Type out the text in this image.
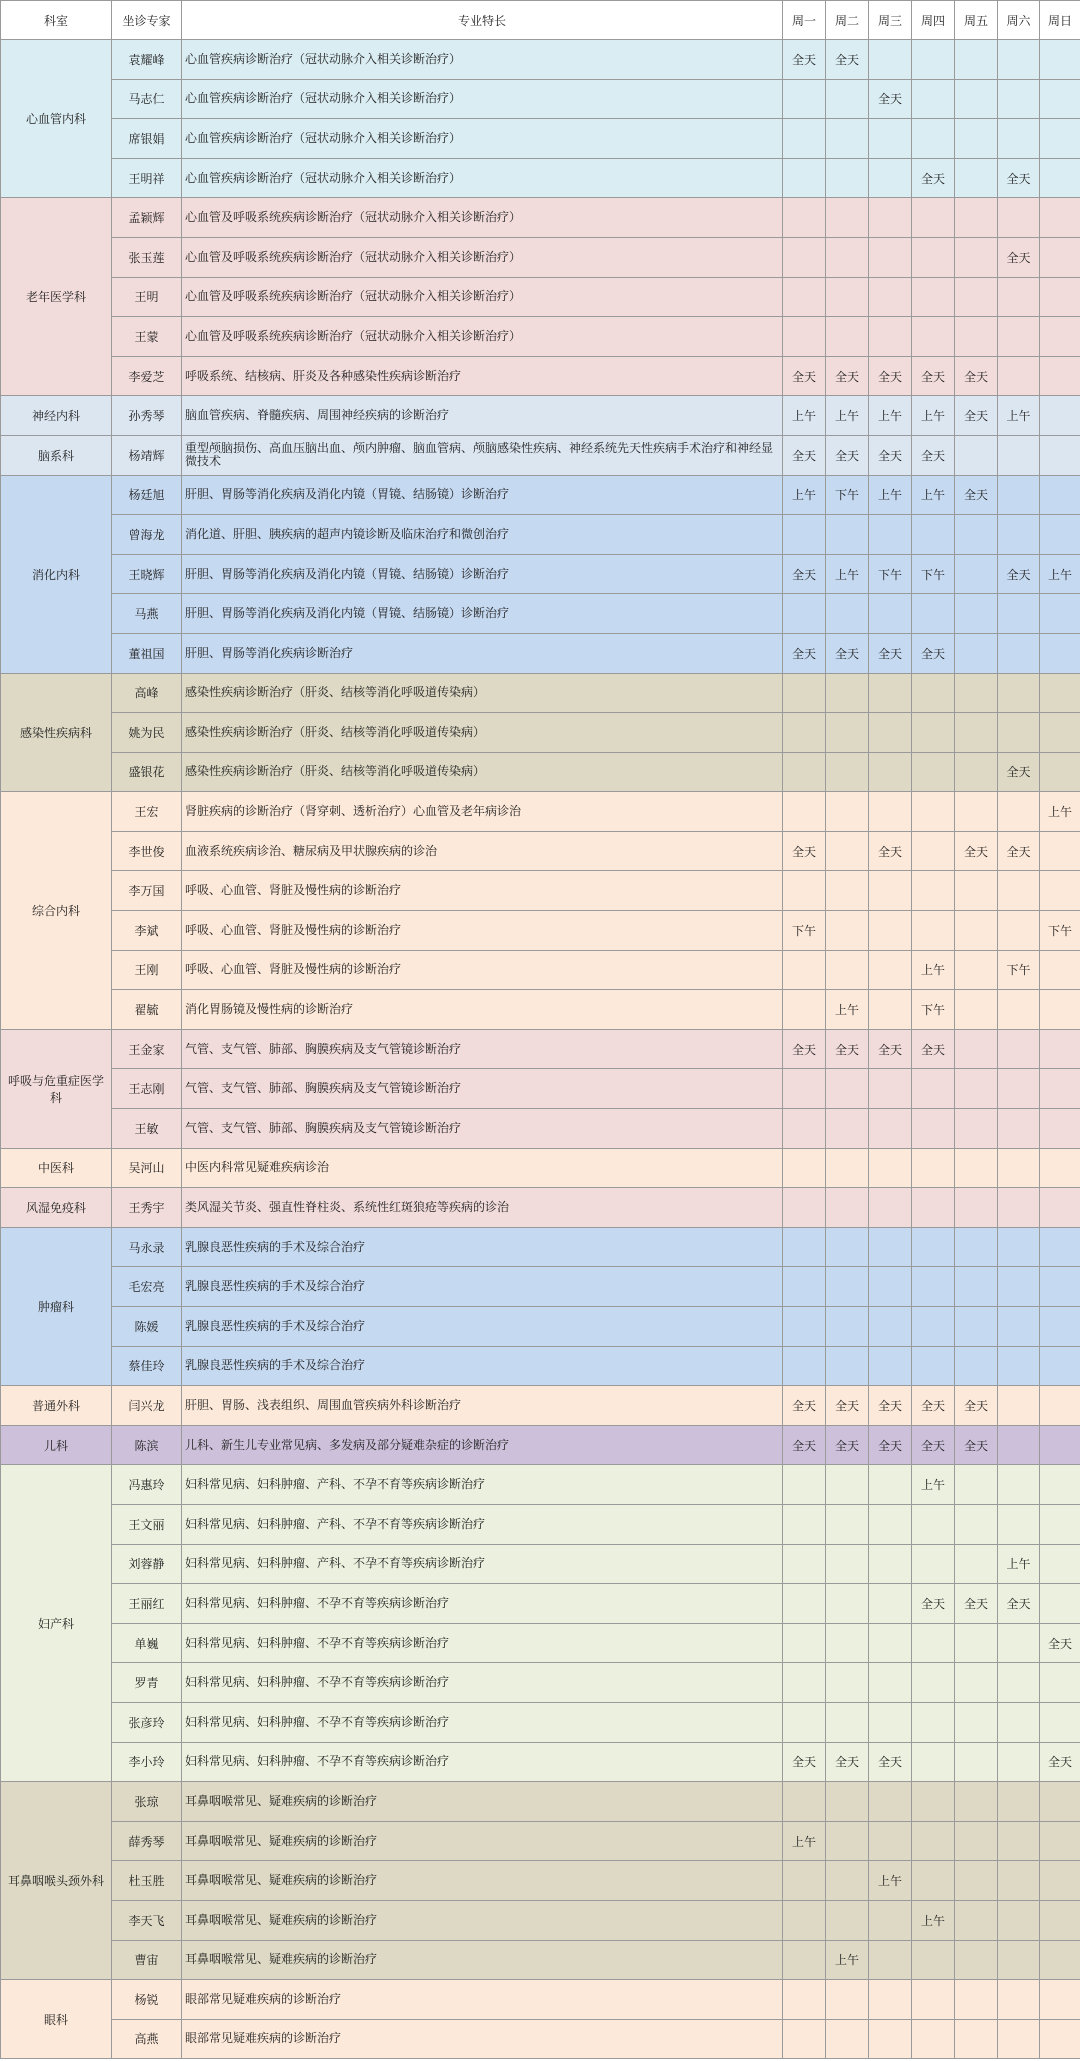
科室	坐诊专家	专业特长	周一	周二	周三	周四	周五	周六	周日
心血管内科	袁耀峰	心血管疾病诊断治疗（冠状动脉介入相关诊断治疗）	全天	全天					
	马志仁	心血管疾病诊断治疗（冠状动脉介入相关诊断治疗）			全天				
	席银娟	心血管疾病诊断治疗（冠状动脉介入相关诊断治疗）							
	王明祥	心血管疾病诊断治疗（冠状动脉介入相关诊断治疗）				全天		全天	
老年医学科	孟颖辉	心血管及呼吸系统疾病诊断治疗（冠状动脉介入相关诊断治疗）							
	张玉莲	心血管及呼吸系统疾病诊断治疗（冠状动脉介入相关诊断治疗）						全天	
	王明	心血管及呼吸系统疾病诊断治疗（冠状动脉介入相关诊断治疗）							
	王蒙	心血管及呼吸系统疾病诊断治疗（冠状动脉介入相关诊断治疗）							
	李爱芝	呼吸系统、结核病、肝炎及各种感染性疾病诊断治疗	全天	全天	全天	全天	全天		
神经内科	孙秀琴	脑血管疾病、脊髓疾病、周围神经疾病的诊断治疗	上午	上午	上午	上午	全天	上午	
脑系科	杨靖辉	重型颅脑损伤、高血压脑出血、颅内肿瘤、脑血管病、颅脑感染性疾病、神经系统先天性疾病手术治疗和神经显微技术	全天	全天	全天	全天			
消化内科	杨廷旭	肝胆、胃肠等消化疾病及消化内镜（胃镜、结肠镜）诊断治疗	上午	下午	上午	上午	全天		
	曾海龙	消化道、肝胆、胰疾病的超声内镜诊断及临床治疗和微创治疗							
	王晓辉	肝胆、胃肠等消化疾病及消化内镜（胃镜、结肠镜）诊断治疗	全天	上午	下午	下午		全天	上午
	马燕	肝胆、胃肠等消化疾病及消化内镜（胃镜、结肠镜）诊断治疗							
	董祖国	肝胆、胃肠等消化疾病诊断治疗	全天	全天	全天	全天			
感染性疾病科	高峰	感染性疾病诊断治疗（肝炎、结核等消化呼吸道传染病）							
	姚为民	感染性疾病诊断治疗（肝炎、结核等消化呼吸道传染病）							
	盛银花	感染性疾病诊断治疗（肝炎、结核等消化呼吸道传染病）						全天	
综合内科	王宏	肾脏疾病的诊断治疗（肾穿刺、透析治疗）心血管及老年病诊治							上午
	李世俊	血液系统疾病诊治、糖尿病及甲状腺疾病的诊治	全天		全天		全天	全天	
	李万国	呼吸、心血管、肾脏及慢性病的诊断治疗							
	李斌	呼吸、心血管、肾脏及慢性病的诊断治疗	下午						下午
	王刚	呼吸、心血管、肾脏及慢性病的诊断治疗				上午		下午	
	翟毓	消化胃肠镜及慢性病的诊断治疗		上午		下午			
呼吸与危重症医学科	王金家	气管、支气管、肺部、胸膜疾病及支气管镜诊断治疗	全天	全天	全天	全天			
	王志刚	气管、支气管、肺部、胸膜疾病及支气管镜诊断治疗							
	王敏	气管、支气管、肺部、胸膜疾病及支气管镜诊断治疗							
中医科	吴河山	中医内科常见疑难疾病诊治							
风湿免疫科	王秀宇	类风湿关节炎、强直性脊柱炎、系统性红斑狼疮等疾病的诊治							
肿瘤科	马永录	乳腺良恶性疾病的手术及综合治疗							
	毛宏亮	乳腺良恶性疾病的手术及综合治疗							
	陈媛	乳腺良恶性疾病的手术及综合治疗							
	蔡佳玲	乳腺良恶性疾病的手术及综合治疗							
普通外科	闫兴龙	肝胆、胃肠、浅表组织、周围血管疾病外科诊断治疗	全天	全天	全天	全天	全天		
儿科	陈滨	儿科、新生儿专业常见病、多发病及部分疑难杂症的诊断治疗	全天	全天	全天	全天	全天		
妇产科	冯惠玲	妇科常见病、妇科肿瘤、产科、不孕不育等疾病诊断治疗				上午			
	王文丽	妇科常见病、妇科肿瘤、产科、不孕不育等疾病诊断治疗							
	刘蓉静	妇科常见病、妇科肿瘤、产科、不孕不育等疾病诊断治疗						上午	
	王丽红	妇科常见病、妇科肿瘤、不孕不育等疾病诊断治疗				全天	全天	全天	
	单巍	妇科常见病、妇科肿瘤、不孕不育等疾病诊断治疗							全天
	罗青	妇科常见病、妇科肿瘤、不孕不育等疾病诊断治疗							
	张彦玲	妇科常见病、妇科肿瘤、不孕不育等疾病诊断治疗							
	李小玲	妇科常见病、妇科肿瘤、不孕不育等疾病诊断治疗	全天	全天	全天				全天
耳鼻咽喉头颈外科	张琼	耳鼻咽喉常见、疑难疾病的诊断治疗							
	薛秀琴	耳鼻咽喉常见、疑难疾病的诊断治疗	上午						
	杜玉胜	耳鼻咽喉常见、疑难疾病的诊断治疗			上午				
	李天飞	耳鼻咽喉常见、疑难疾病的诊断治疗				上午			
	曹宙	耳鼻咽喉常见、疑难疾病的诊断治疗		上午					
眼科	杨锐	眼部常见疑难疾病的诊断治疗							
	高燕	眼部常见疑难疾病的诊断治疗							
